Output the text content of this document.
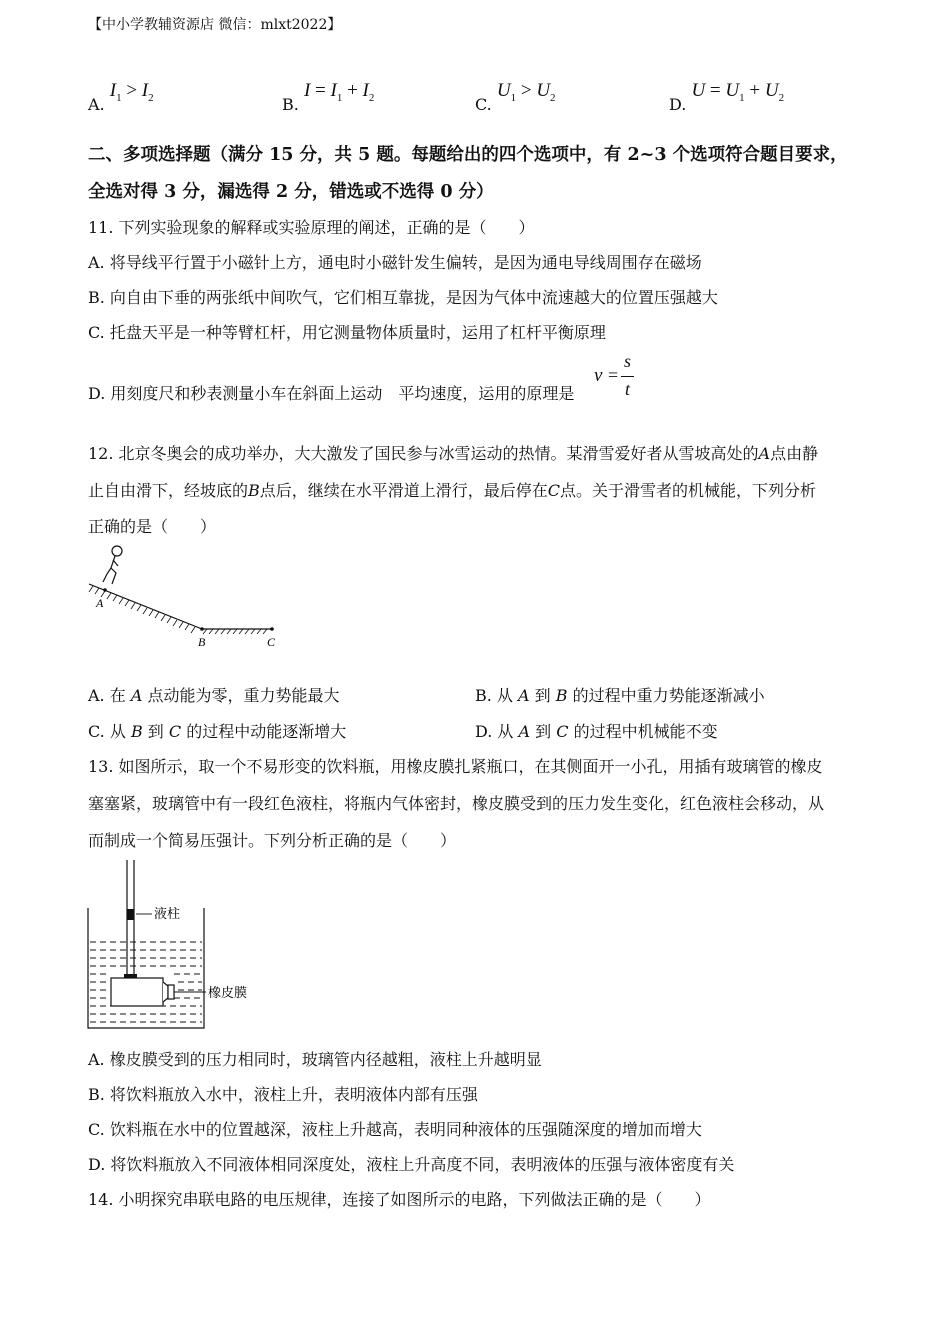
【中小学教辅资源店 微信：mlxt2022】
A. $I_1 > I_2$	B. $I = I_1 + I_2$	C. $U_1 > U_2$	D. $U = U_1 + U_2$
二、多项选择题（满分 15 分，共 5 题。每题给出的四个选项中，有 2~3 个选项符合题目要求，
全选对得 3 分，漏选得 2 分，错选或不选得 0 分）
11. 下列实验现象的解释或实验原理的阐述，正确的是（　　）
A. 将导线平行置于小磁针上方，通电时小磁针发生偏转，是因为通电导线周围存在磁场
B. 向自由下垂的两张纸中间吹气，它们相互靠拢，是因为气体中流速越大的位置压强越大
C. 托盘天平是一种等臂杠杆，用它测量物体质量时，运用了杠杆平衡原理
D. 用刻度尺和秒表测量小车在斜面上运动　平均速度，运用的原理是
v =
s
t
12. 北京冬奥会的成功举办，大大激发了国民参与冰雪运动的热情。某滑雪爱好者从雪坡高处的A点由静
止自由滑下，经坡底的B点后，继续在水平滑道上滑行，最后停在C点。关于滑雪者的机械能，下列分析
正确的是（　　）
A
B	C
A. 在 A 点动能为零，重力势能最大	B. 从 A 到 B 的过程中重力势能逐渐减小
C. 从 B 到 C 的过程中动能逐渐增大	D. 从 A 到 C 的过程中机械能不变
13. 如图所示，取一个不易形变的饮料瓶，用橡皮膜扎紧瓶口，在其侧面开一小孔，用插有玻璃管的橡皮
塞塞紧，玻璃管中有一段红色液柱，将瓶内气体密封，橡皮膜受到的压力发生变化，红色液柱会移动，从
而制成一个简易压强计。下列分析正确的是（　　）
液柱
橡皮膜
A. 橡皮膜受到的压力相同时，玻璃管内径越粗，液柱上升越明显
B. 将饮料瓶放入水中，液柱上升，表明液体内部有压强
C. 饮料瓶在水中的位置越深，液柱上升越高，表明同种液体的压强随深度的增加而增大
D. 将饮料瓶放入不同液体相同深度处，液柱上升高度不同，表明液体的压强与液体密度有关
14. 小明探究串联电路的电压规律，连接了如图所示的电路，下列做法正确的是（　　）
